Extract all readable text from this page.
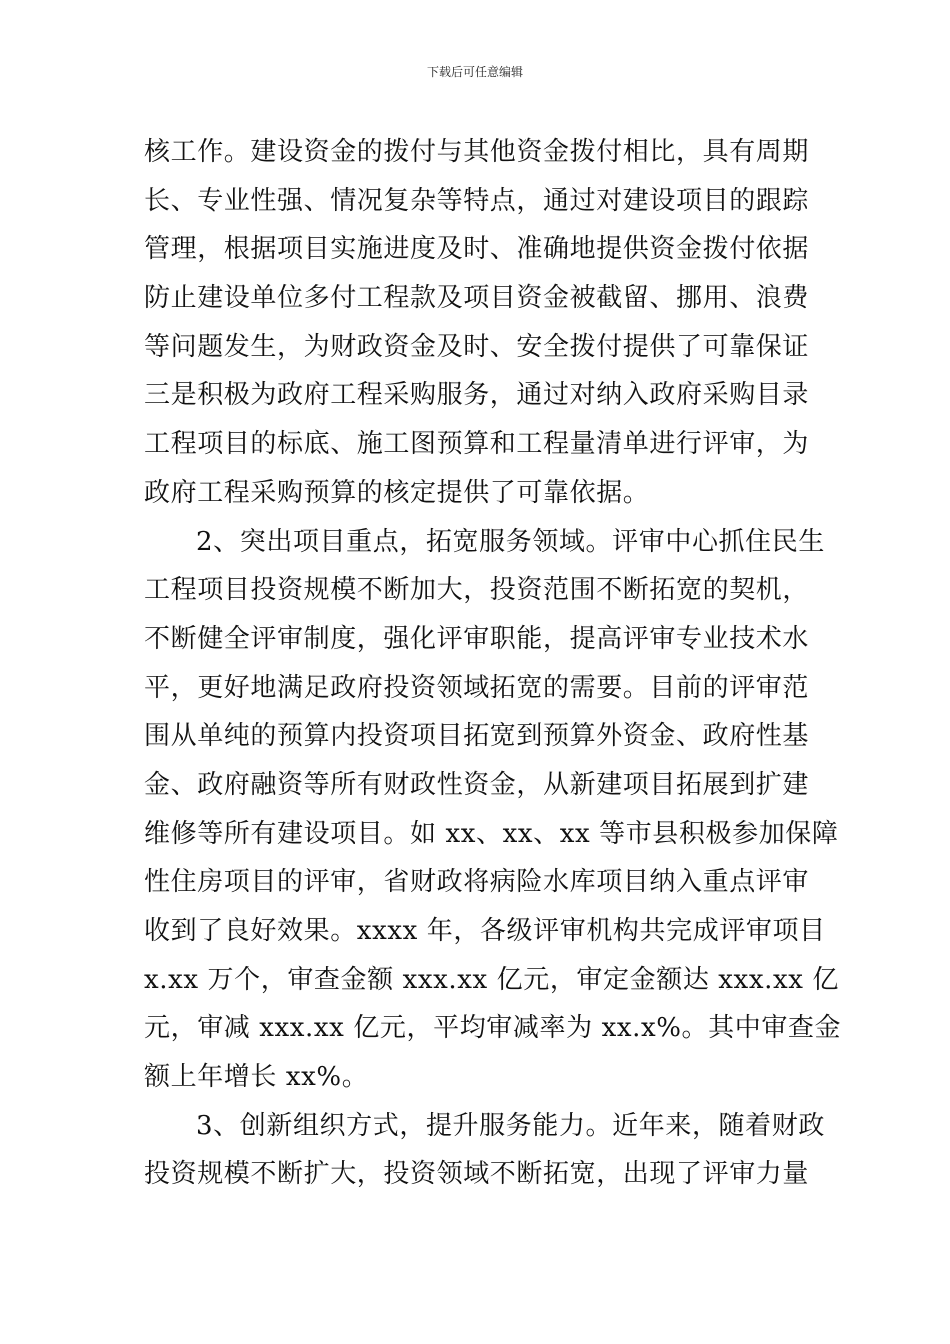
下载后可任意编辑
核工作。建设资金的拨付与其他资金拨付相比，具有周期
长、专业性强、情况复杂等特点，通过对建设项目的跟踪
管理，根据项目实施进度及时、准确地提供资金拨付依据
防止建设单位多付工程款及项目资金被截留、挪用、浪费
等问题发生，为财政资金及时、安全拨付提供了可靠保证
三是积极为政府工程采购服务，通过对纳入政府采购目录
工程项目的标底、施工图预算和工程量清单进行评审，为
政府工程采购预算的核定提供了可靠依据。
2、突出项目重点，拓宽服务领域。评审中心抓住民生
工程项目投资规模不断加大，投资范围不断拓宽的契机，
不断健全评审制度，强化评审职能，提高评审专业技术水
平，更好地满足政府投资领域拓宽的需要。目前的评审范
围从单纯的预算内投资项目拓宽到预算外资金、政府性基
金、政府融资等所有财政性资金，从新建项目拓展到扩建
维修等所有建设项目。如 xx、xx、xx 等市县积极参加保障
性住房项目的评审，省财政将病险水库项目纳入重点评审
收到了良好效果。xxxx 年，各级评审机构共完成评审项目
x.xx 万个，审查金额 xxx.xx 亿元，审定金额达 xxx.xx 亿
元，审减 xxx.xx 亿元，平均审减率为 xx.x%。其中审查金
额上年增长 xx%。
3、创新组织方式，提升服务能力。近年来，随着财政
投资规模不断扩大，投资领域不断拓宽，出现了评审力量
